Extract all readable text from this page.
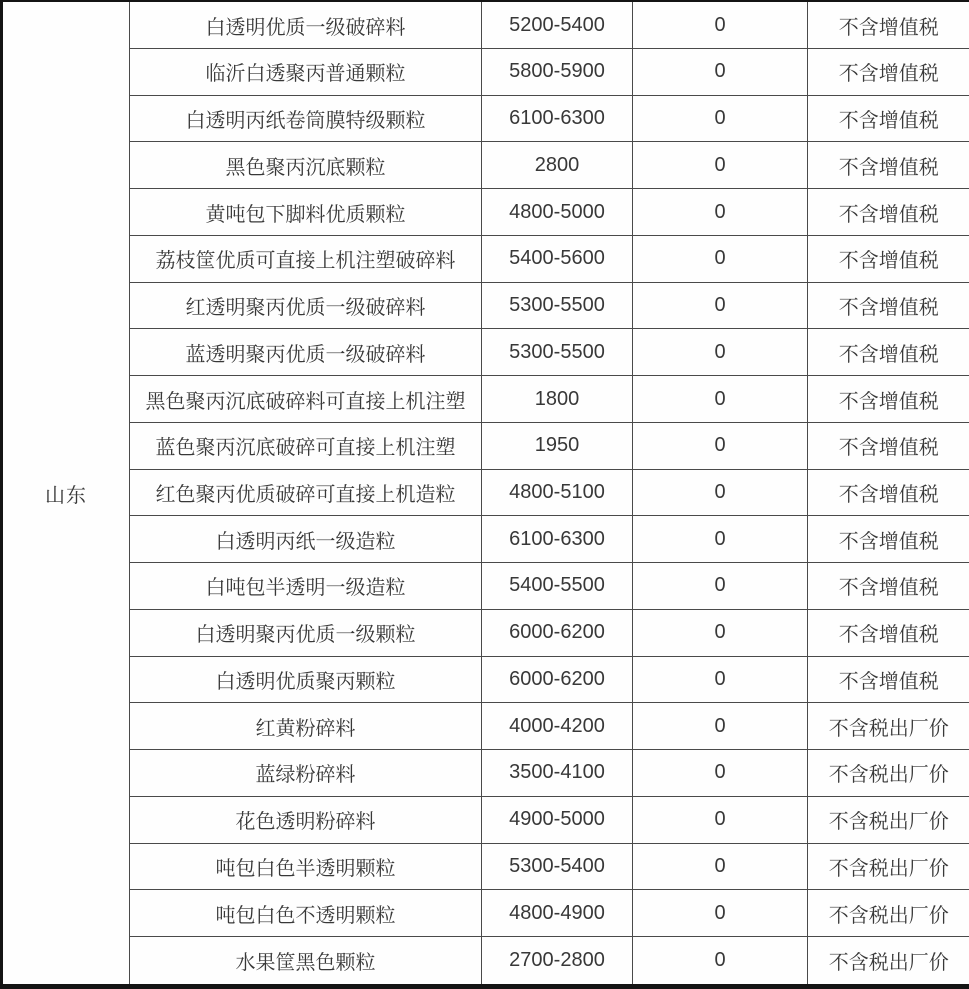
山东	白透明优质一级破碎料	5200-5400	0	不含增值税
	临沂白透聚丙普通颗粒	5800-5900	0	不含增值税
	白透明丙纸卷筒膜特级颗粒	6100-6300	0	不含增值税
	黑色聚丙沉底颗粒	2800	0	不含增值税
	黄吨包下脚料优质颗粒	4800-5000	0	不含增值税
	荔枝筐优质可直接上机注塑破碎料	5400-5600	0	不含增值税
	红透明聚丙优质一级破碎料	5300-5500	0	不含增值税
	蓝透明聚丙优质一级破碎料	5300-5500	0	不含增值税
	黑色聚丙沉底破碎料可直接上机注塑	1800	0	不含增值税
	蓝色聚丙沉底破碎可直接上机注塑	1950	0	不含增值税
	红色聚丙优质破碎可直接上机造粒	4800-5100	0	不含增值税
	白透明丙纸一级造粒	6100-6300	0	不含增值税
	白吨包半透明一级造粒	5400-5500	0	不含增值税
	白透明聚丙优质一级颗粒	6000-6200	0	不含增值税
	白透明优质聚丙颗粒	6000-6200	0	不含增值税
	红黄粉碎料	4000-4200	0	不含税出厂价
	蓝绿粉碎料	3500-4100	0	不含税出厂价
	花色透明粉碎料	4900-5000	0	不含税出厂价
	吨包白色半透明颗粒	5300-5400	0	不含税出厂价
	吨包白色不透明颗粒	4800-4900	0	不含税出厂价
	水果筐黑色颗粒	2700-2800	0	不含税出厂价
